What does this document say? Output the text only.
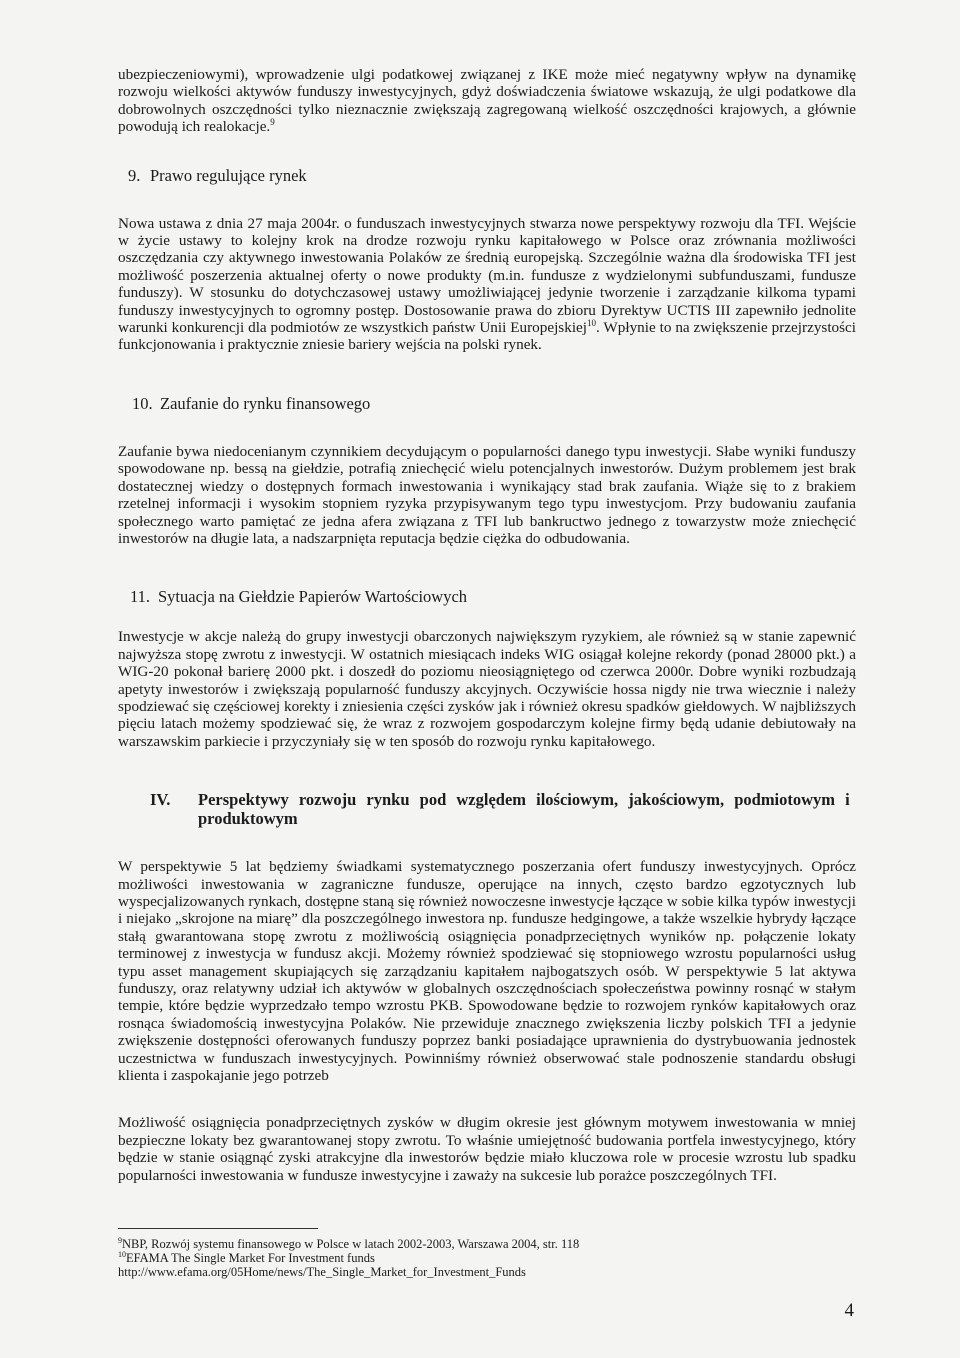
ubezpieczeniowymi), wprowadzenie ulgi podatkowej związanej z IKE może mieć negatywny wpływ na dynamikę rozwoju wielkości aktywów funduszy inwestycyjnych, gdyż doświadczenia światowe wskazują, że ulgi podatkowe dla dobrowolnych oszczędności tylko nieznacznie zwiększają zagregowaną wielkość oszczędności krajowych, a głównie powodują ich realokacje.$^9$

9. Prawo regulujące rynek

Nowa ustawa z dnia 27 maja 2004r. o funduszach inwestycyjnych stwarza nowe perspektywy rozwoju dla TFI. Wejście w życie ustawy to kolejny krok na drodze rozwoju rynku kapitałowego w Polsce oraz zrównania możliwości oszczędzania czy aktywnego inwestowania Polaków ze średnią europejską. Szczególnie ważna dla środowiska TFI jest możliwość poszerzenia aktualnej oferty o nowe produkty (m.in. fundusze z wydzielonymi subfunduszami, fundusze funduszy). W stosunku do dotychczasowej ustawy umożliwiającej jedynie tworzenie i zarządzanie kilkoma typami funduszy inwestycyjnych to ogromny postęp. Dostosowanie prawa do zbioru Dyrektyw UCTIS III zapewniło jednolite warunki konkurencji dla podmiotów ze wszystkich państw Unii Europejskiej$^{10}$. Wpłynie to na zwiększenie przejrzystości funkcjonowania i praktycznie zniesie bariery wejścia na polski rynek.

10. Zaufanie do rynku finansowego

Zaufanie bywa niedocenianym czynnikiem decydującym o popularności danego typu inwestycji. Słabe wyniki funduszy spowodowane np. bessą na giełdzie, potrafią zniechęcić wielu potencjalnych inwestorów. Dużym problemem jest brak dostatecznej wiedzy o dostępnych formach inwestowania i wynikający stad brak zaufania. Wiąże się to z brakiem rzetelnej informacji i wysokim stopniem ryzyka przypisywanym tego typu inwestycjom. Przy budowaniu zaufania społecznego warto pamiętać ze jedna afera związana z TFI lub bankructwo jednego z towarzystw może zniechęcić inwestorów na długie lata, a nadszarpnięta reputacja będzie ciężka do odbudowania.

11. Sytuacja na Giełdzie Papierów Wartościowych

Inwestycje w akcje należą do grupy inwestycji obarczonych największym ryzykiem, ale również są w stanie zapewnić najwyższa stopę zwrotu z inwestycji. W ostatnich miesiącach indeks WIG osiągał kolejne rekordy (ponad 28000 pkt.) a WIG-20 pokonał barierę 2000 pkt. i doszedł do poziomu nieosiągniętego od czerwca 2000r. Dobre wyniki rozbudzają apetyty inwestorów i zwiększają popularność funduszy akcyjnych. Oczywiście hossa nigdy nie trwa wiecznie i należy spodziewać się częściowej korekty i zniesienia części zysków jak i również okresu spadków giełdowych. W najbliższych pięciu latach możemy spodziewać się, że wraz z rozwojem gospodarczym kolejne firmy będą udanie debiutowały na warszawskim parkiecie i przyczyniały się w ten sposób do rozwoju rynku kapitałowego.

IV.	Perspektywy rozwoju rynku pod względem ilościowym, jakościowym, podmiotowym i produktowym

W perspektywie 5 lat będziemy świadkami systematycznego poszerzania ofert funduszy inwestycyjnych. Oprócz możliwości inwestowania w zagraniczne fundusze, operujące na innych, często bardzo egzotycznych lub wyspecjalizowanych rynkach, dostępne staną się również nowoczesne inwestycje łączące w sobie kilka typów inwestycji i niejako „skrojone na miarę” dla poszczególnego inwestora np. fundusze hedgingowe, a także wszelkie hybrydy łączące stałą gwarantowana stopę zwrotu z możliwością osiągnięcia ponadprzeciętnych wyników np. połączenie lokaty terminowej z inwestycja w fundusz akcji. Możemy również spodziewać się stopniowego wzrostu popularności usług typu asset management skupiających się zarządzaniu kapitałem najbogatszych osób. W perspektywie 5 lat aktywa funduszy, oraz relatywny udział ich aktywów w globalnych oszczędnościach społeczeństwa powinny rosnąć w stałym tempie, które będzie wyprzedzało tempo wzrostu PKB. Spowodowane będzie to rozwojem rynków kapitałowych oraz rosnąca świadomością inwestycyjna Polaków. Nie przewiduje znacznego zwiększenia liczby polskich TFI a jedynie zwiększenie dostępności oferowanych funduszy poprzez banki posiadające uprawnienia do dystrybuowania jednostek uczestnictwa w funduszach inwestycyjnych. Powinniśmy również obserwować stale podnoszenie standardu obsługi klienta i zaspokajanie jego potrzeb

Możliwość osiągnięcia ponadprzeciętnych zysków w długim okresie jest głównym motywem inwestowania w mniej bezpieczne lokaty bez gwarantowanej stopy zwrotu. To właśnie umiejętność budowania portfela inwestycyjnego, który będzie w stanie osiągnąć zyski atrakcyjne dla inwestorów będzie miało kluczowa role w procesie wzrostu lub spadku popularności inwestowania w fundusze inwestycyjne i zaważy na sukcesie lub porażce poszczególnych TFI.

$^9$NBP, Rozwój systemu finansowego w Polsce w latach 2002-2003, Warszawa 2004, str. 118

$^{10}$EFAMA The Single Market For Investment funds

http://www.efama.org/05Home/news/The_Single_Market_for_Investment_Funds

4
